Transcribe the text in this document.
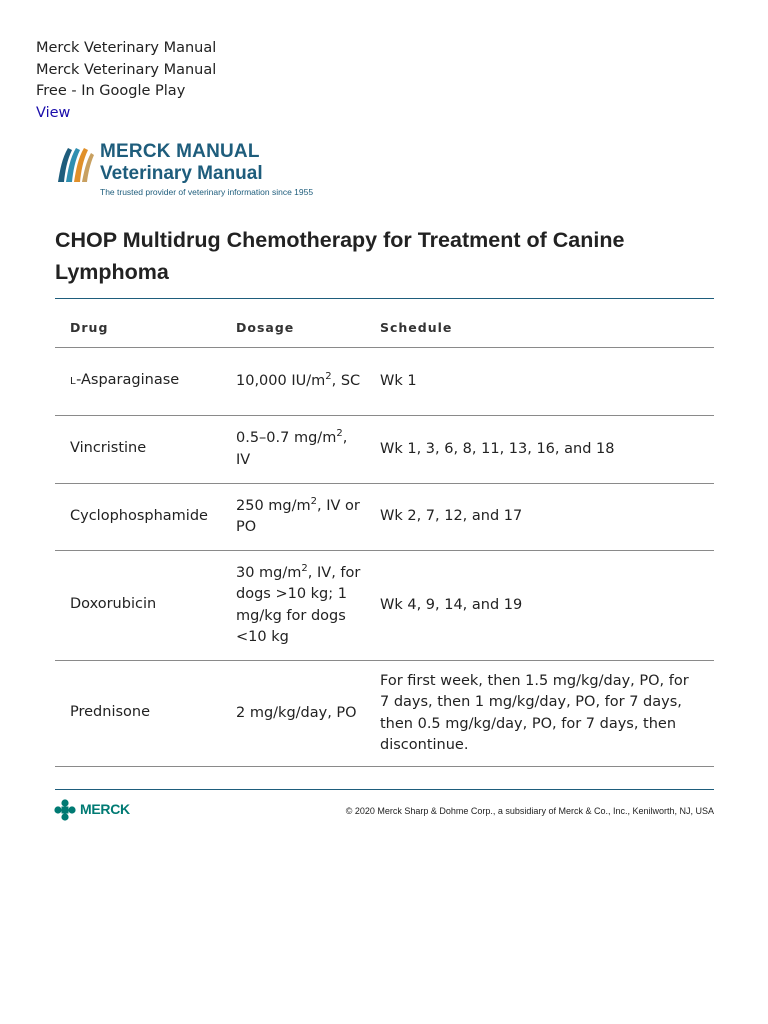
Merck Veterinary Manual
Merck Veterinary Manual
Free - In Google Play
View
MERCK MANUAL
Veterinary Manual
The trusted provider of veterinary information since 1955
CHOP Multidrug Chemotherapy for Treatment of Canine Lymphoma
Drug	Dosage	Schedule
L-Asparaginase	10,000 $IU/m^2$, SC	Wk 1
Vincristine	0.5–0.7 $mg/m^2$, IV	Wk 1, 3, 6, 8, 11, 13, 16, and 18
Cyclophosphamide	250 $mg/m^2$, IV or PO	Wk 2, 7, 12, and 17
Doxorubicin	30 $mg/m^2$, IV, for dogs >10 kg; 1 mg/kg for dogs <10 kg	Wk 4, 9, 14, and 19
Prednisone	2 mg/kg/day, PO	For first week, then 1.5 mg/kg/day, PO, for 7 days, then 1 mg/kg/day, PO, for 7 days, then 0.5 mg/kg/day, PO, for 7 days, then discontinue.
MERCK	© 2020 Merck Sharp & Dohme Corp., a subsidiary of Merck & Co., Inc., Kenilworth, NJ, USA
